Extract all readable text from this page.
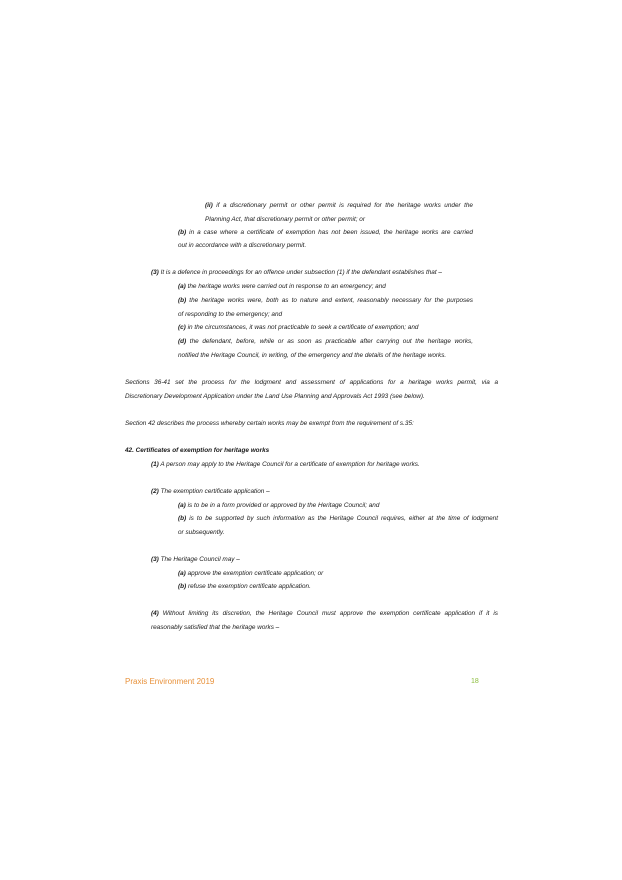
(ii) if a discretionary permit or other permit is required for the heritage works under the
Planning Act, that discretionary permit or other permit; or
(b) in a case where a certificate of exemption has not been issued, the heritage works are carried
out in accordance with a discretionary permit.
(3) It is a defence in proceedings for an offence under subsection (1) if the defendant establishes that –
(a) the heritage works were carried out in response to an emergency; and
(b) the heritage works were, both as to nature and extent, reasonably necessary for the purposes
of responding to the emergency; and
(c) in the circumstances, it was not practicable to seek a certificate of exemption; and
(d) the defendant, before, while or as soon as practicable after carrying out the heritage works,
notified the Heritage Council, in writing, of the emergency and the details of the heritage works.
Sections 36-41 set the process for the lodgment and assessment of applications for a heritage works permit, via a
Discretionary Development Application under the Land Use Planning and Approvals Act 1993 (see below).
Section 42 describes the process whereby certain works may be exempt from the requirement of s.35:
42. Certificates of exemption for heritage works
(1) A person may apply to the Heritage Council for a certificate of exemption for heritage works.
(2) The exemption certificate application –
(a) is to be in a form provided or approved by the Heritage Council; and
(b) is to be supported by such information as the Heritage Council requires, either at the time of lodgment
or subsequently.
(3) The Heritage Council may –
(a) approve the exemption certificate application; or
(b) refuse the exemption certificate application.
(4) Without limiting its discretion, the Heritage Council must approve the exemption certificate application if it is
reasonably satisfied that the heritage works –
Praxis Environment 2019	18
